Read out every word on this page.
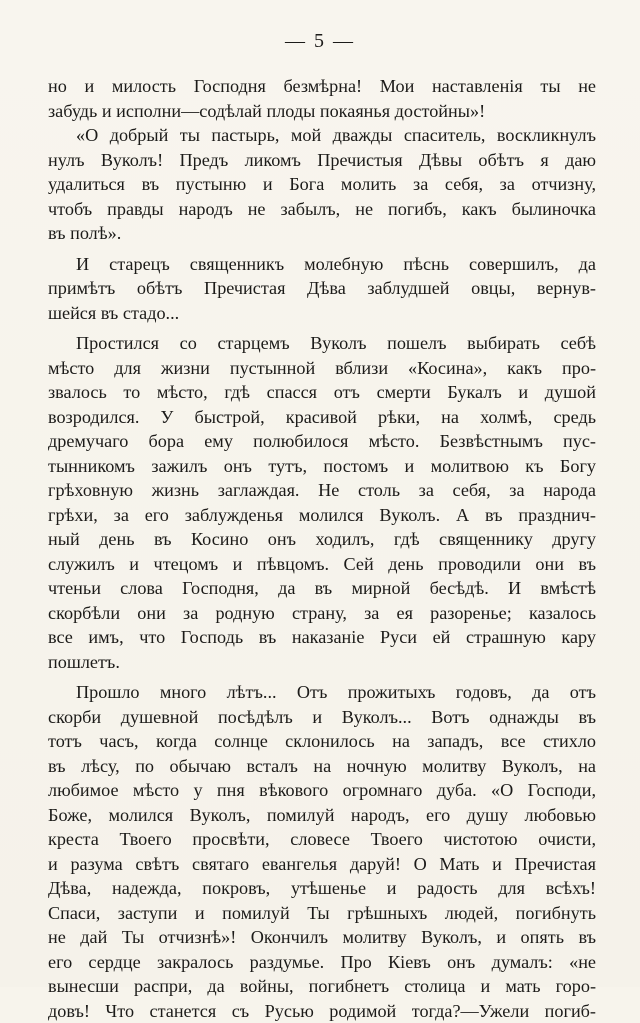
— 5 —
но и милость Господня безмѣрна! Мои наставленія ты не
забудь и исполни—содѣлай плоды покаянья достойны»!
«О добрый ты пастырь, мой дважды спаситель, воскликнулъ
нулъ Вуколъ! Предъ ликомъ Пречистыя Дѣвы обѣтъ я даю
удалиться въ пустыню и Бога молить за себя, за отчизну,
чтобъ правды народъ не забылъ, не погибъ, какъ былиночка
въ полѣ».
И старецъ священникъ молебную пѣснь совершилъ, да
примѣтъ обѣтъ Пречистая Дѣва заблудшей овцы, вернув-
шейся въ стадо...
Простился со старцемъ Вуколъ пошелъ выбирать себѣ
мѣсто для жизни пустынной вблизи «Косина», какъ про-
звалось то мѣсто, гдѣ спасся отъ смерти Букалъ и душой
возродился. У быстрой, красивой рѣки, на холмѣ, средь
дремучаго бора ему полюбилося мѣсто. Безвѣстнымъ пус-
тынникомъ зажилъ онъ тутъ, постомъ и молитвою къ Богу
грѣховную жизнь заглаждая. Не столь за себя, за народа
грѣхи, за его заблужденья молился Вуколъ. А въ празднич-
ный день въ Косино онъ ходилъ, гдѣ священнику другу
служилъ и чтецомъ и пѣвцомъ. Сей день проводили они въ
чтеньи слова Господня, да въ мирной бесѣдѣ. И вмѣстѣ
скорбѣли они за родную страну, за ея разоренье; казалось
все имъ, что Господь въ наказаніе Руси ей страшную кару
пошлетъ.
Прошло много лѣтъ... Отъ прожитыхъ годовъ, да отъ
скорби душевной посѣдѣлъ и Вуколъ... Вотъ однажды въ
тотъ часъ, когда солнце склонилось на западъ, все стихло
въ лѣсу, по обычаю всталъ на ночную молитву Вуколъ, на
любимое мѣсто у пня вѣкового огромнаго дуба. «О Господи,
Боже, молился Вуколъ, помилуй народъ, его душу любовью
креста Твоего просвѣти, словесе Твоего чистотою очисти,
и разума свѣтъ святаго евангелья даруй! О Мать и Пречистая
Дѣва, надежда, покровъ, утѣшенье и радость для всѣхъ!
Спаси, заступи и помилуй Ты грѣшныхъ людей, погибнуть
не дай Ты отчизнѣ»! Окончилъ молитву Вуколъ, и опять въ
его сердце закралось раздумье. Про Кіевъ онъ думалъ: «не
вынесши распри, да войны, погибнетъ столица и мать горо-
довъ! Что станется съ Русью родимой тогда?—Ужели погиб-
